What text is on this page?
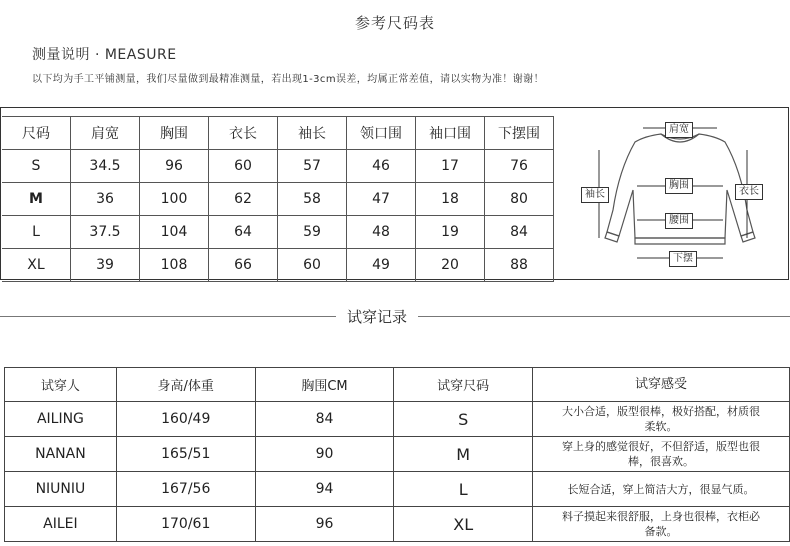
参考尺码表
测量说明 · MEASURE
以下均为手工平铺测量，我们尽量做到最精准测量，若出现1-3cm误差，均属正常差值，请以实物为准！谢谢！
尺码	肩宽	胸围	衣长	袖长	领口围	袖口围	下摆围
S	34.5	96	60	57	46	17	76
M	36	100	62	58	47	18	80
L	37.5	104	64	59	48	19	84
XL	39	108	66	60	49	20	88
肩宽
袖长
胸围
衣长
腰围
下摆
试穿记录
试穿人	身高/体重	胸围CM	试穿尺码	试穿感受
AILING	160/49	84	S	大小合适，版型很棒，极好搭配，材质很柔软。
NANAN	165/51	90	M	穿上身的感觉很好，不但舒适，版型也很棒，很喜欢。
NIUNIU	167/56	94	L	长短合适，穿上简洁大方，很显气质。
AILEI	170/61	96	XL	料子摸起来很舒服，上身也很棒，衣柜必备款。
